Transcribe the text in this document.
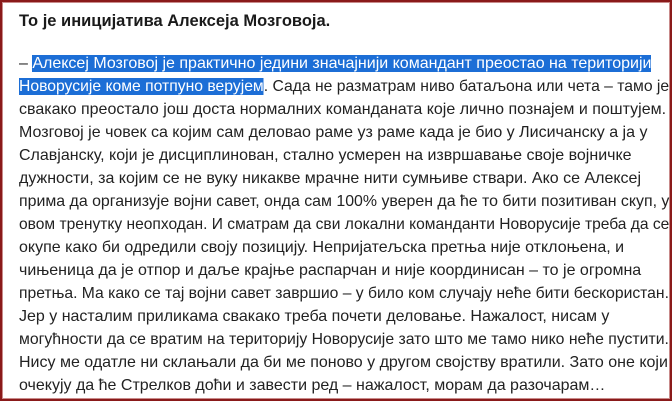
То је иницијатива Алексеја Мозговоја.
– Алексеј Мозговој је практично једини значајнији командант преостао на територији
Новорусије коме потпуно верујем. Сада не разматрам ниво батаљона или чета – тамо је
свакако преостало још доста нормалних команданата које лично познајем и поштујем.
Мозговој је човек са којим сам деловао раме уз раме када је био у Лисичанску а ја у
Славјанску, који је дисциплинован, стално усмерен на извршавање своје војничке
дужности, за којим се не вуку никакве мрачне нити сумњиве ствари. Ако се Алексеј
прима да организује војни савет, онда сам 100% уверен да ће то бити позитиван скуп, у
овом тренутку неопходан. И сматрам да сви локални команданти Новорусије треба да се
окупе како би одредили своју позицију. Непријатељска претња није отклоњена, и
чињеница да је отпор и даље крајње распарчан и није координисан – то је огромна
претња. Ма како се тај војни савет завршио – у било ком случају неће бити бескористан.
Јер у насталим приликама свакако треба почети деловање. Нажалост, нисам у
могућности да се вратим на територију Новорусије зато што ме тамо нико неће пустити.
Нису ме одатле ни склањали да би ме поново у другом својству вратили. Зато оне који
очекују да ће Стрелков доћи и завести ред – нажалост, морам да разочарам…
